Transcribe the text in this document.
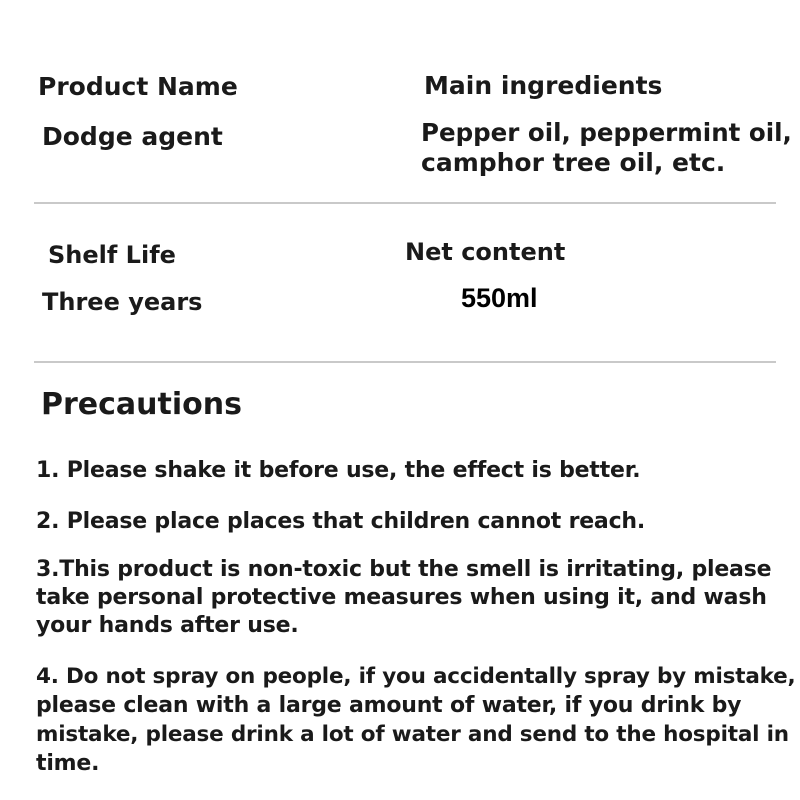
Product Name
Dodge agent
Main ingredients
Pepper oil, peppermint oil,
camphor tree oil, etc.
Shelf Life
Three years
Net content
550ml
Precautions
1. Please shake it before use, the effect is better.
2. Please place places that children cannot reach.
3.This product is non-toxic but the smell is irritating, please
take personal protective measures when using it, and wash
your hands after use.
4. Do not spray on people, if you accidentally spray by mistake,
please clean with a large amount of water, if you drink by
mistake, please drink a lot of water and send to the hospital in
time.
